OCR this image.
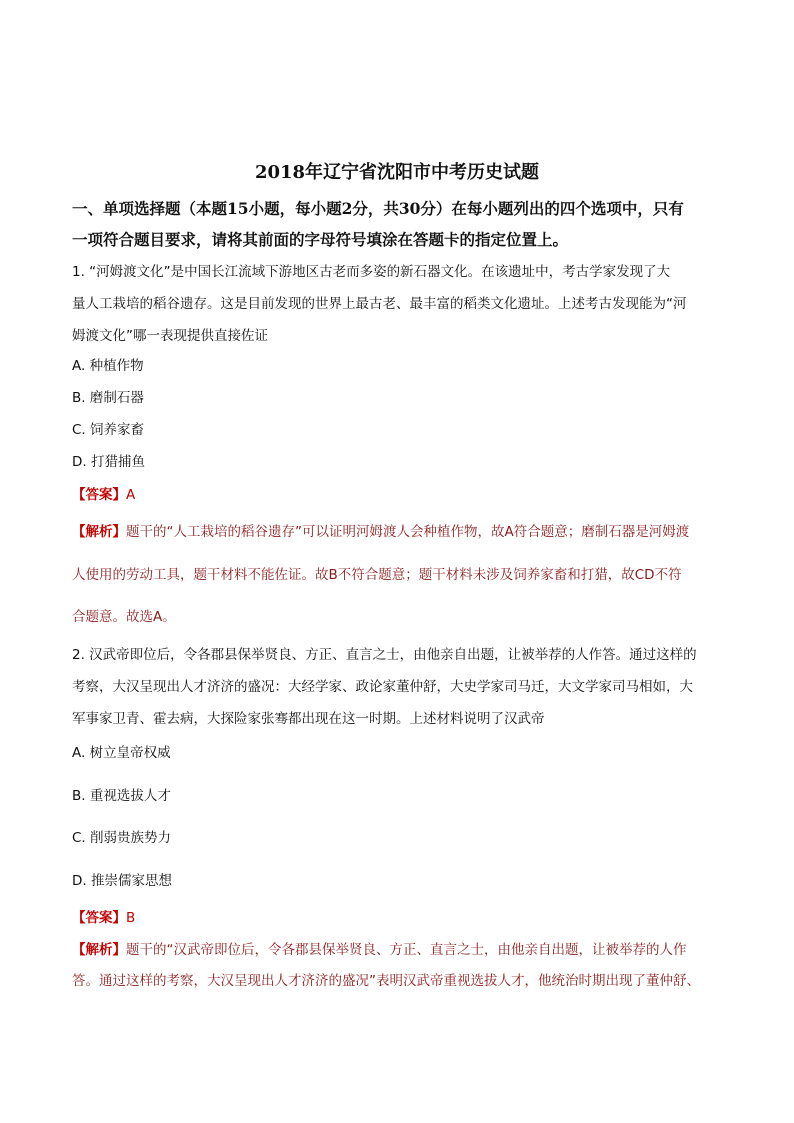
2018年辽宁省沈阳市中考历史试题
一、单项选择题（本题15小题，每小题2分，共30分）在每小题列出的四个选项中，只有
一项符合题目要求，请将其前面的字母符号填涂在答题卡的指定位置上。
1. “河姆渡文化”是中国长江流域下游地区古老而多姿的新石器文化。在该遗址中，考古学家发现了大
量人工栽培的稻谷遗存。这是目前发现的世界上最古老、最丰富的稻类文化遗址。上述考古发现能为“河
姆渡文化”哪一表现提供直接佐证
A. 种植作物
B. 磨制石器
C. 饲养家畜
D. 打猎捕鱼
【答案】A
【解析】题干的“人工栽培的稻谷遗存”可以证明河姆渡人会种植作物，故A符合题意；磨制石器是河姆渡
人使用的劳动工具，题干材料不能佐证。故B不符合题意；题干材料未涉及饲养家畜和打猎，故CD不符
合题意。故选A。
2. 汉武帝即位后，令各郡县保举贤良、方正、直言之士，由他亲自出题，让被举荐的人作答。通过这样的
考察，大汉呈现出人才济济的盛况：大经学家、政论家董仲舒，大史学家司马迁，大文学家司马相如，大
军事家卫青、霍去病，大探险家张骞都出现在这一时期。上述材料说明了汉武帝
A. 树立皇帝权威
B. 重视选拔人才
C. 削弱贵族势力
D. 推崇儒家思想
【答案】B
【解析】题干的“汉武帝即位后，令各郡县保举贤良、方正、直言之士，由他亲自出题，让被举荐的人作
答。通过这样的考察，大汉呈现出人才济济的盛况”表明汉武帝重视选拔人才，他统治时期出现了董仲舒、
